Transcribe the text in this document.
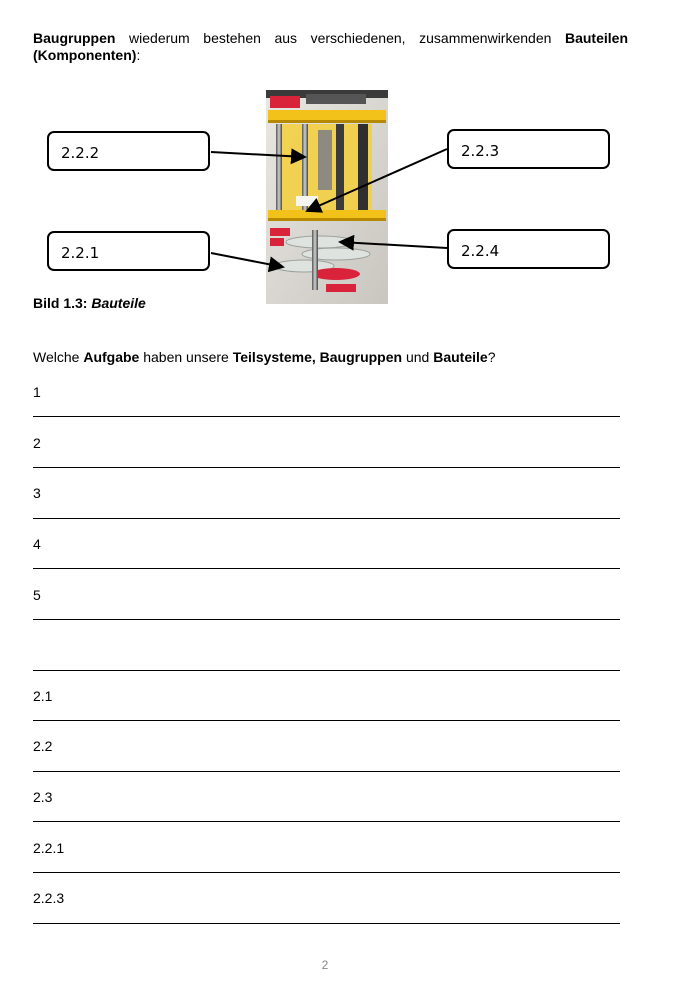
Baugruppen wiederum bestehen aus verschiedenen, zusammenwirkenden Bauteilen (Komponenten):
2.2.2	2.2.3
2.2.1	2.2.4
Bild 1.3: Bauteile
Welche Aufgabe haben unsere Teilsysteme, Baugruppen und Bauteile?
1
2
3
4
5
2.1
2.2
2.3
2.2.1
2.2.3
2
